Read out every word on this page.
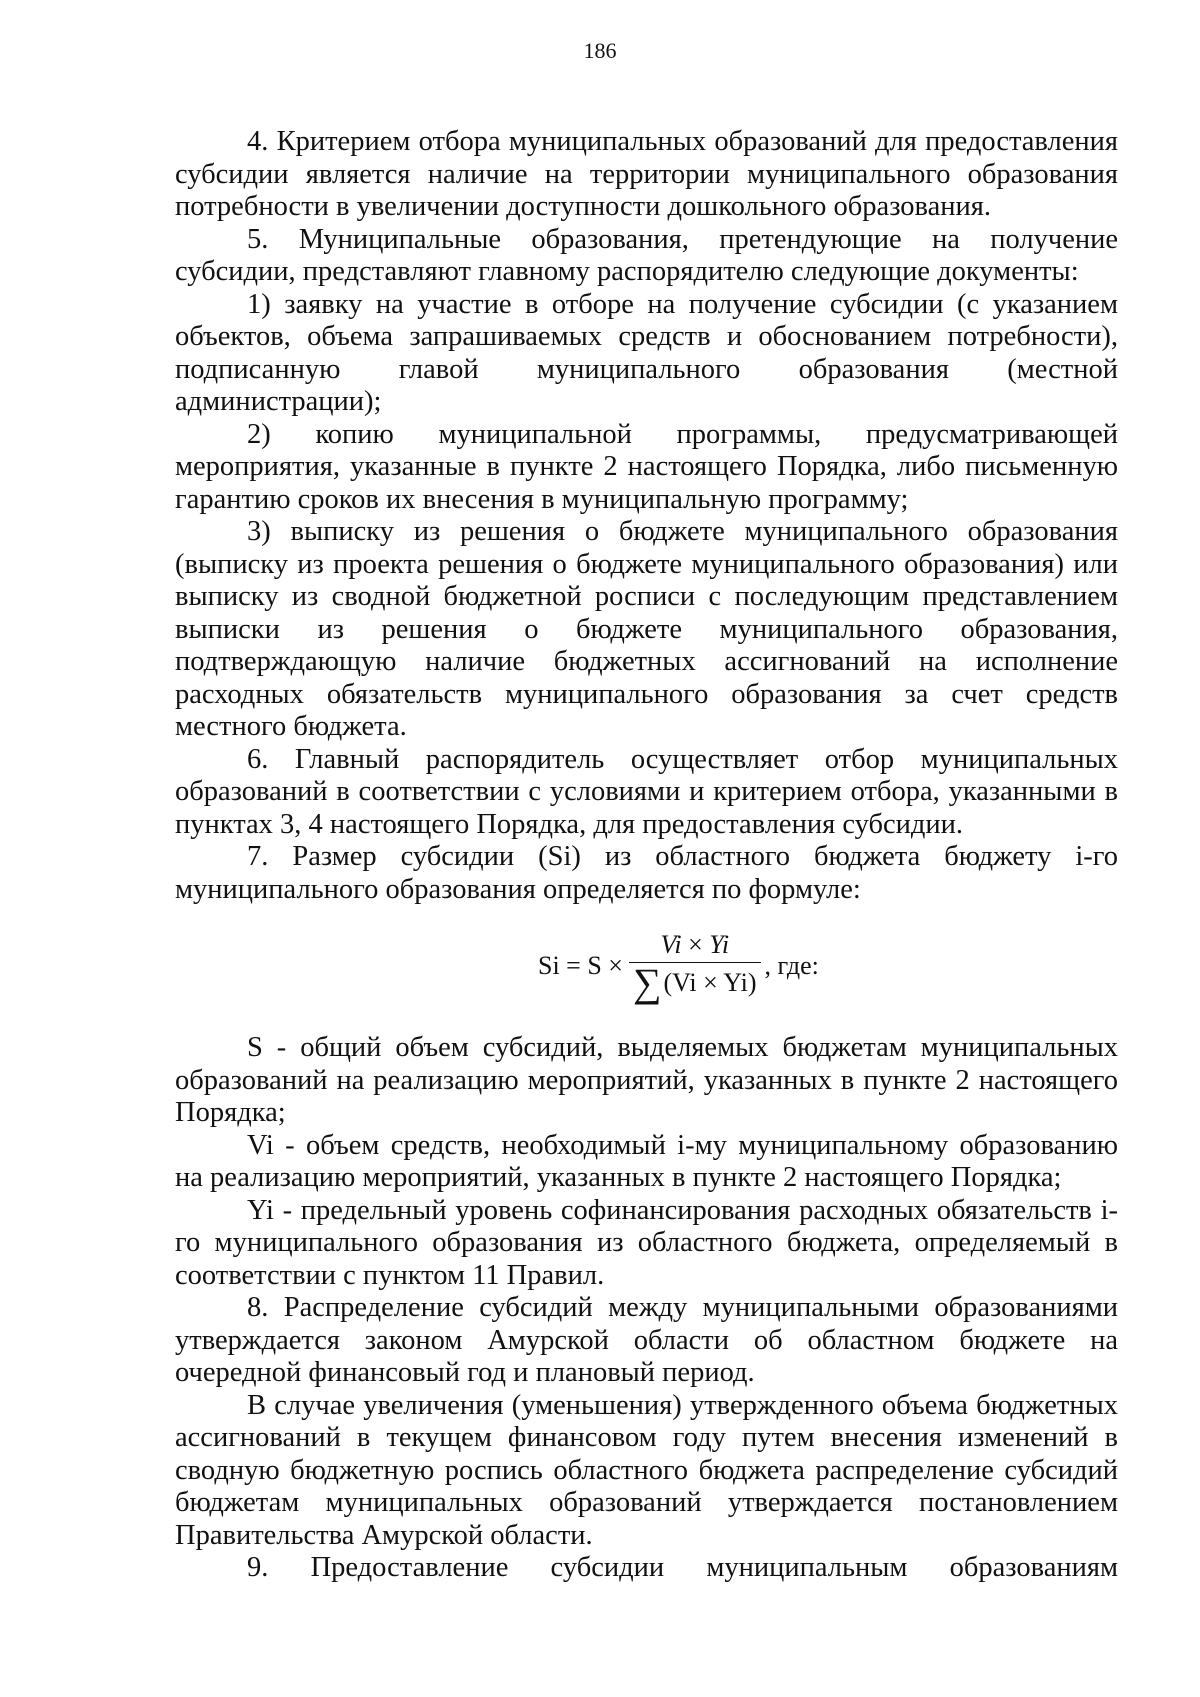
186

4. Критерием отбора муниципальных образований для предоставления субсидии является наличие на территории муниципального образования потребности в увеличении доступности дошкольного образования.

5. Муниципальные образования, претендующие на получение субсидии, представляют главному распорядителю следующие документы:

1) заявку на участие в отборе на получение субсидии (с указанием объектов, объема запрашиваемых средств и обоснованием потребности), подписанную главой муниципального образования (местной администрации);

2) копию муниципальной программы, предусматривающей мероприятия, указанные в пункте 2 настоящего Порядка, либо письменную гарантию сроков их внесения в муниципальную программу;

3) выписку из решения о бюджете муниципального образования (выписку из проекта решения о бюджете муниципального образования) или выписку из сводной бюджетной росписи с последующим представлением выписки из решения о бюджете муниципального образования, подтверждающую наличие бюджетных ассигнований на исполнение расходных обязательств муниципального образования за счет средств местного бюджета.

6. Главный распорядитель осуществляет отбор муниципальных образований в соответствии с условиями и критерием отбора, указанными в пунктах 3, 4 настоящего Порядка, для предоставления субсидии.

7. Размер субсидии (Si) из областного бюджета бюджету i-го муниципального образования определяется по формуле:

$Si = S \times \frac{Vi \times Yi}{\sum (Vi \times Yi)}$ , где:

S - общий объем субсидий, выделяемых бюджетам муниципальных образований на реализацию мероприятий, указанных в пункте 2 настоящего Порядка;

Vi - объем средств, необходимый i-му муниципальному образованию на реализацию мероприятий, указанных в пункте 2 настоящего Порядка;

Yi - предельный уровень софинансирования расходных обязательств i-го муниципального образования из областного бюджета, определяемый в соответствии с пунктом 11 Правил.

8. Распределение субсидий между муниципальными образованиями утверждается законом Амурской области об областном бюджете на очередной финансовый год и плановый период.

В случае увеличения (уменьшения) утвержденного объема бюджетных ассигнований в текущем финансовом году путем внесения изменений в сводную бюджетную роспись областного бюджета распределение субсидий бюджетам муниципальных образований утверждается постановлением Правительства Амурской области.

9. Предоставление субсидии муниципальным образованиям
